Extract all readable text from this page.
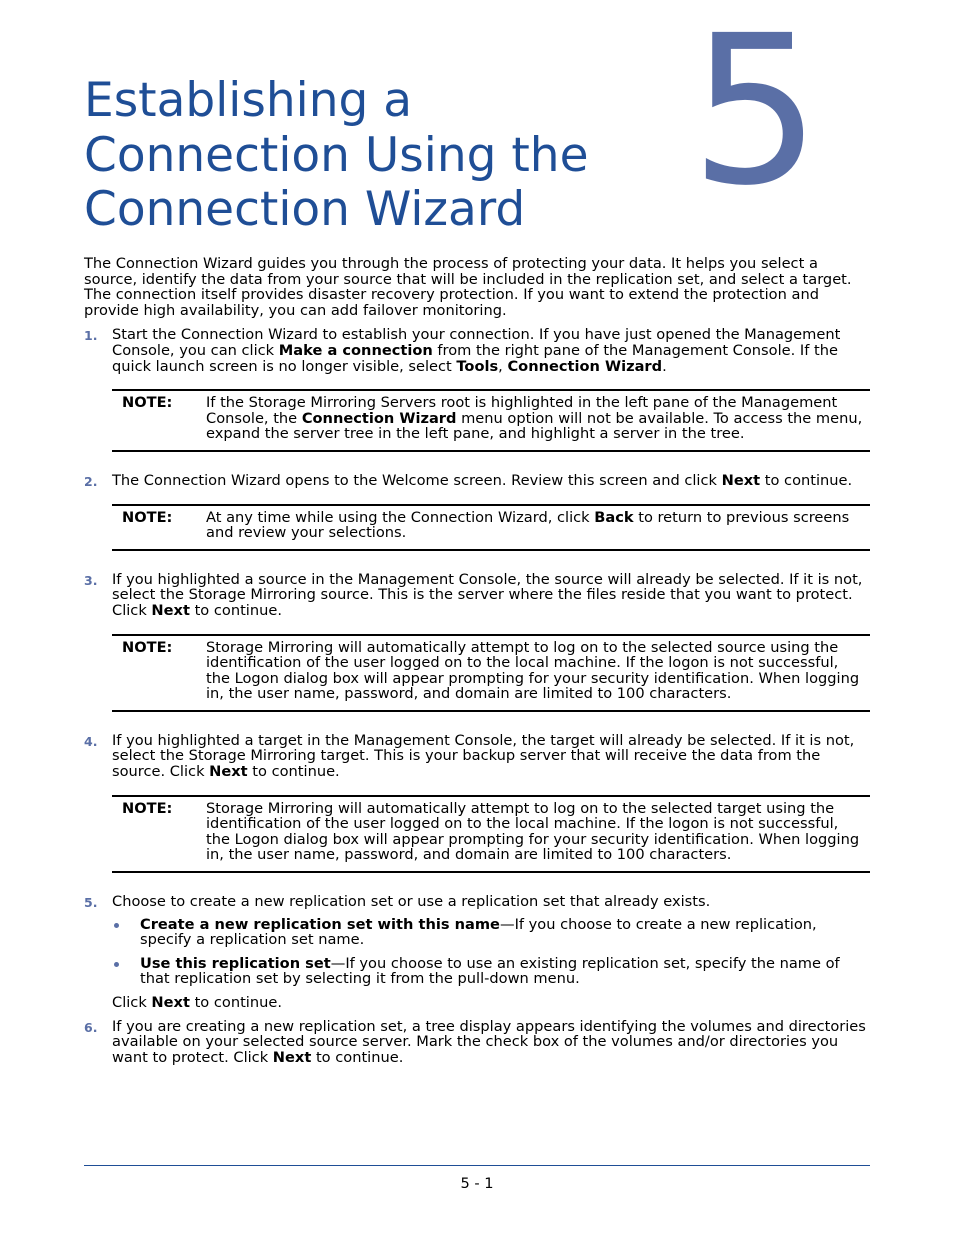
5
Establishing a Connection Using the Connection Wizard

The Connection Wizard guides you through the process of protecting your data. It helps you select a source, identify the data from your source that will be included in the replication set, and select a target. The connection itself provides disaster recovery protection. If you want to extend the protection and provide high availability, you can add failover monitoring.

1. Start the Connection Wizard to establish your connection. If you have just opened the Management Console, you can click Make a connection from the right pane of the Management Console. If the quick launch screen is no longer visible, select Tools, Connection Wizard.

NOTE:	If the Storage Mirroring Servers root is highlighted in the left pane of the Management Console, the Connection Wizard menu option will not be available. To access the menu, expand the server tree in the left pane, and highlight a server in the tree.
2. The Connection Wizard opens to the Welcome screen. Review this screen and click Next to continue.

NOTE:	At any time while using the Connection Wizard, click Back to return to previous screens and review your selections.
3. If you highlighted a source in the Management Console, the source will already be selected. If it is not, select the Storage Mirroring source. This is the server where the files reside that you want to protect. Click Next to continue.

NOTE:	Storage Mirroring will automatically attempt to log on to the selected source using the identification of the user logged on to the local machine. If the logon is not successful, the Logon dialog box will appear prompting for your security identification. When logging in, the user name, password, and domain are limited to 100 characters.
4. If you highlighted a target in the Management Console, the target will already be selected. If it is not, select the Storage Mirroring target. This is your backup server that will receive the data from the source. Click Next to continue.

NOTE:	Storage Mirroring will automatically attempt to log on to the selected target using the identification of the user logged on to the local machine. If the logon is not successful, the Logon dialog box will appear prompting for your security identification. When logging in, the user name, password, and domain are limited to 100 characters.
5. Choose to create a new replication set or use a replication set that already exists.

Create a new replication set with this name—If you choose to create a new replication, specify a replication set name.
Use this replication set—If you choose to use an existing replication set, specify the name of that replication set by selecting it from the pull-down menu.

Click Next to continue.

6. If you are creating a new replication set, a tree display appears identifying the volumes and directories available on your selected source server. Mark the check box of the volumes and/or directories you want to protect. Click Next to continue.

5 - 1
